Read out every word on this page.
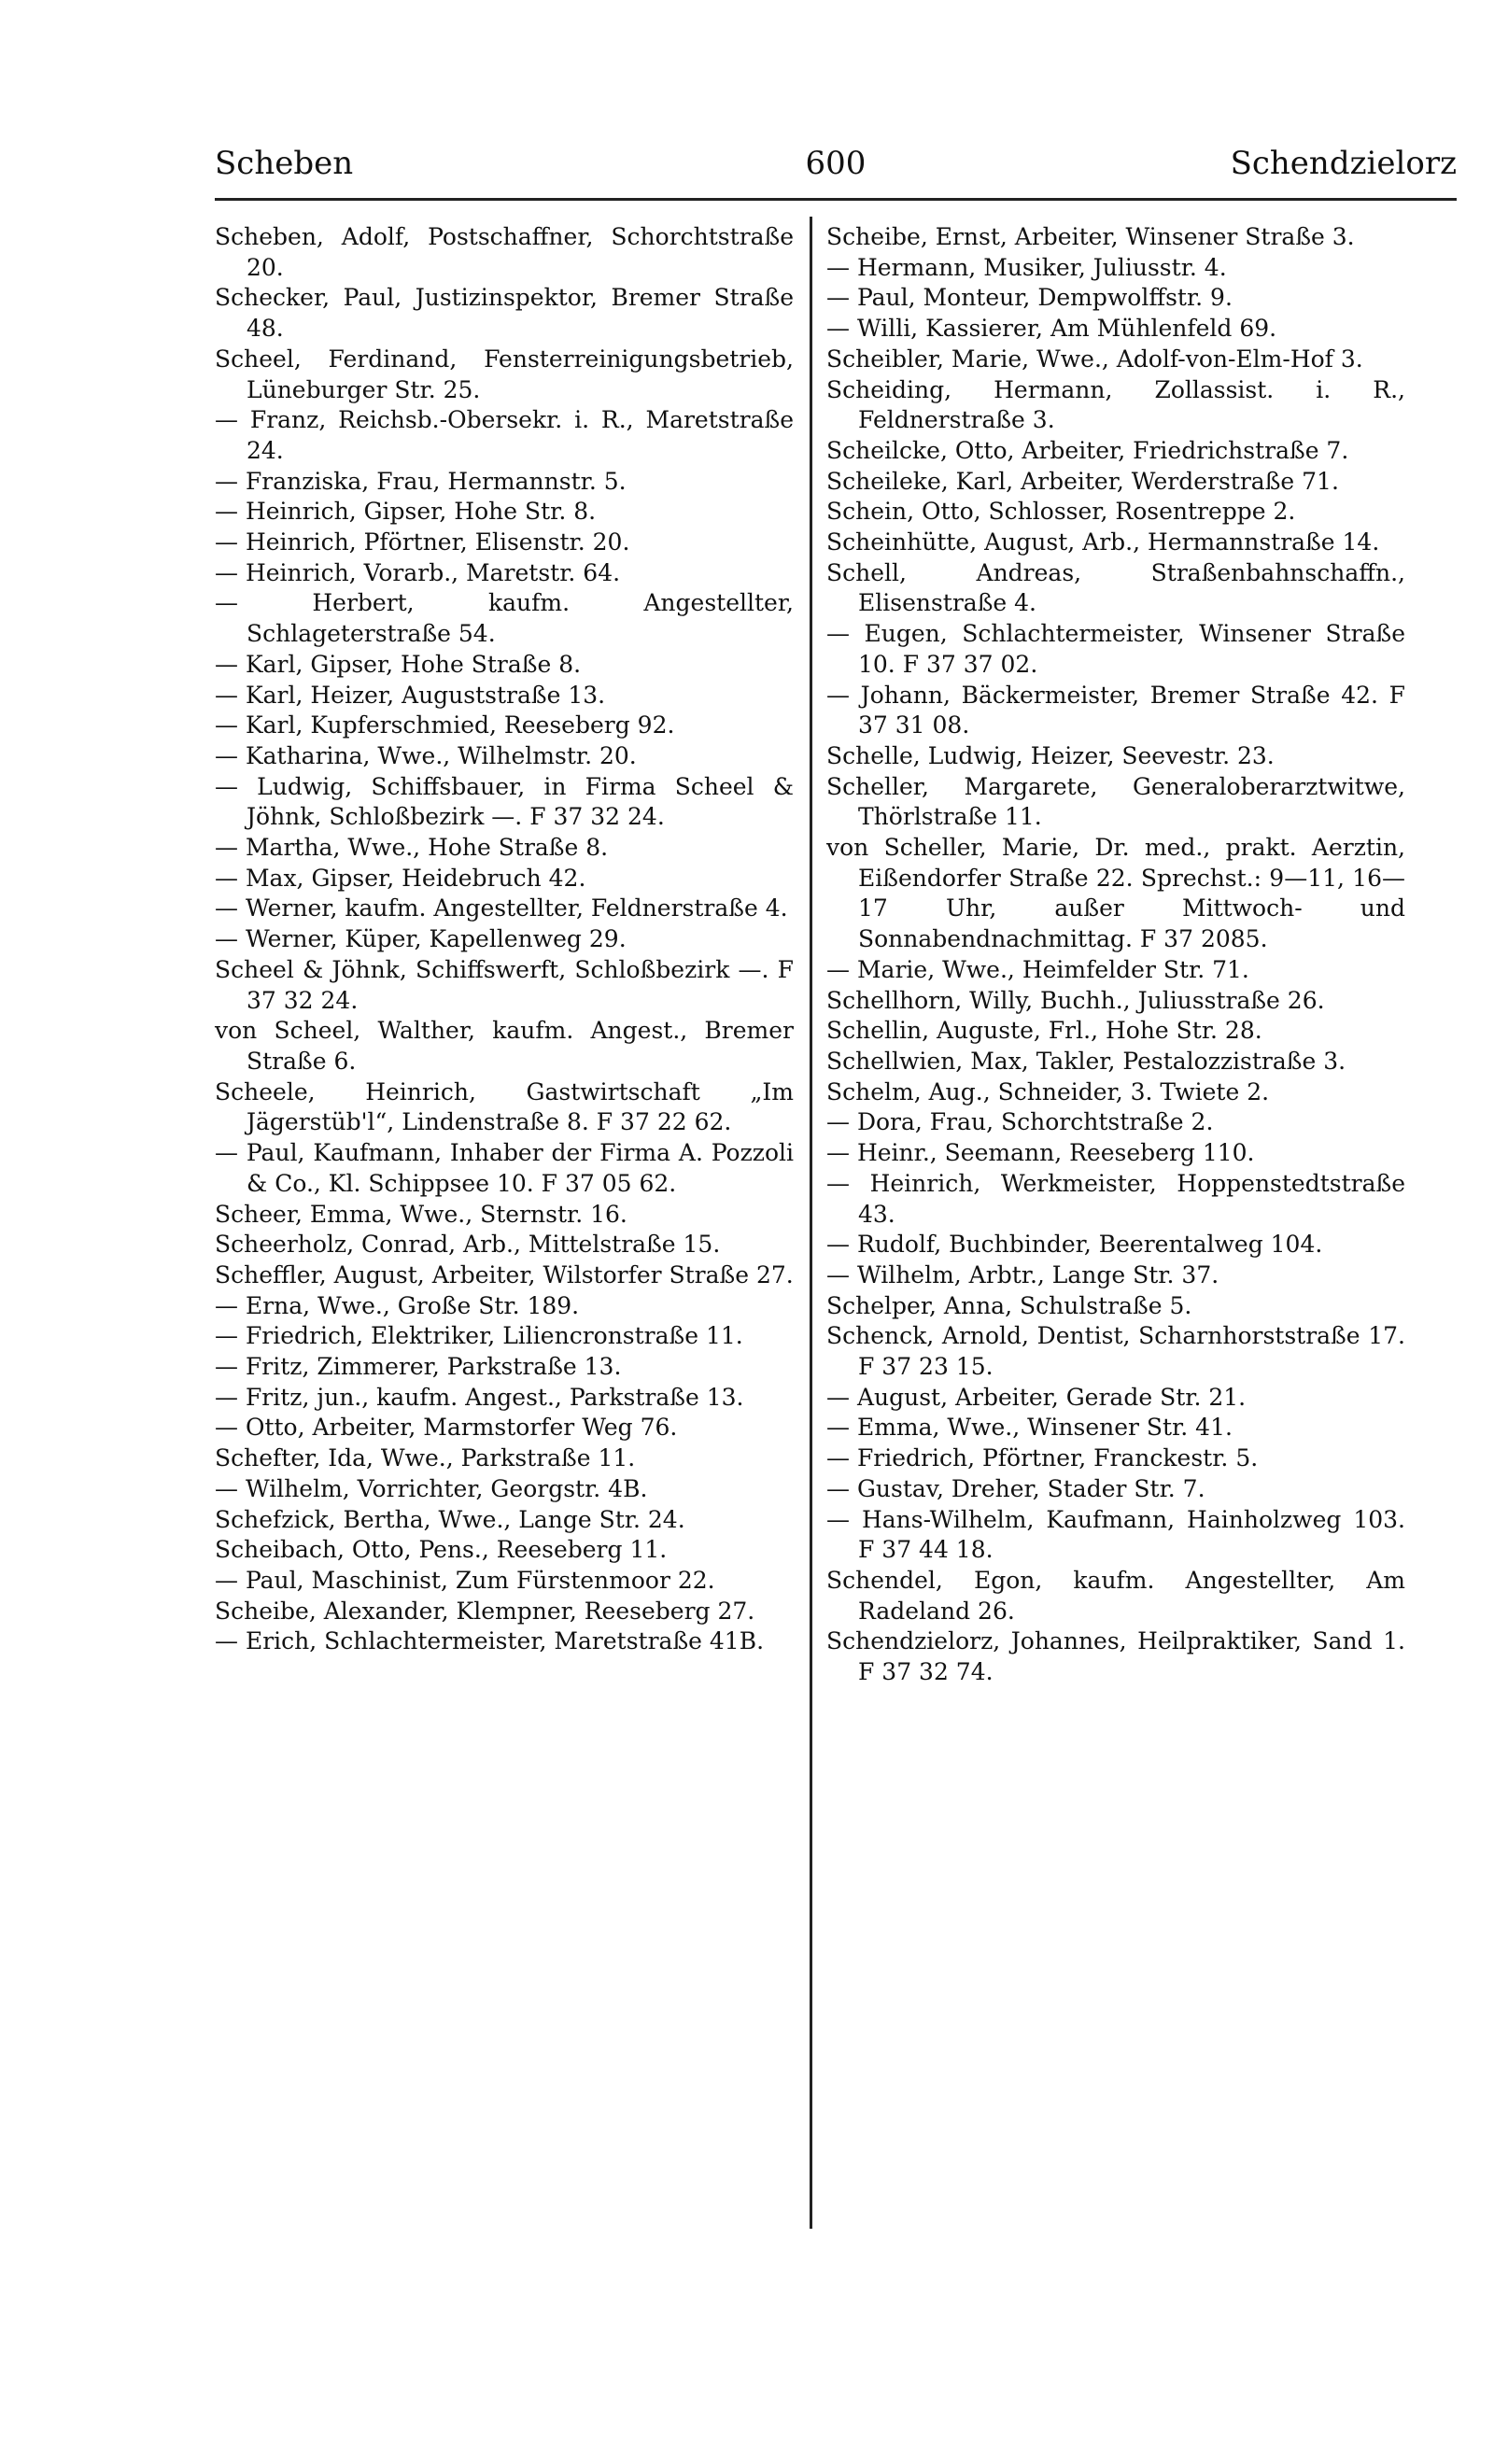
Scheben	600	Schendzielorz

Scheben, Adolf, Postschaffner, Schorchtstraße 20.

Schecker, Paul, Justizinspektor, Bremer Straße 48.

Scheel, Ferdinand, Fensterreinigungsbetrieb, Lüneburger Str. 25.

— Franz, Reichsb.-Obersekr. i. R., Maretstraße 24.

— Franziska, Frau, Hermannstr. 5.

— Heinrich, Gipser, Hohe Str. 8.

— Heinrich, Pförtner, Elisenstr. 20.

— Heinrich, Vorarb., Maretstr. 64.

— Herbert, kaufm. Angestellter, Schlageterstraße 54.

— Karl, Gipser, Hohe Straße 8.

— Karl, Heizer, Auguststraße 13.

— Karl, Kupferschmied, Reeseberg 92.

— Katharina, Wwe., Wilhelmstr. 20.

— Ludwig, Schiffsbauer, in Firma Scheel & Jöhnk, Schloßbezirk —. F 37 32 24.

— Martha, Wwe., Hohe Straße 8.

— Max, Gipser, Heidebruch 42.

— Werner, kaufm. Angestellter, Feldnerstraße 4.

— Werner, Küper, Kapellenweg 29.

Scheel & Jöhnk, Schiffswerft, Schloßbezirk —. F 37 32 24.

von Scheel, Walther, kaufm. Angest., Bremer Straße 6.

Scheele, Heinrich, Gastwirtschaft „Im Jägerstüb'l“, Lindenstraße 8. F 37 22 62.

— Paul, Kaufmann, Inhaber der Firma A. Pozzoli & Co., Kl. Schippsee 10. F 37 05 62.

Scheer, Emma, Wwe., Sternstr. 16.

Scheerholz, Conrad, Arb., Mittelstraße 15.

Scheffler, August, Arbeiter, Wilstorfer Straße 27.

— Erna, Wwe., Große Str. 189.

— Friedrich, Elektriker, Liliencronstraße 11.

— Fritz, Zimmerer, Parkstraße 13.

— Fritz, jun., kaufm. Angest., Parkstraße 13.

— Otto, Arbeiter, Marmstorfer Weg 76.

Schefter, Ida, Wwe., Parkstraße 11.

— Wilhelm, Vorrichter, Georgstr. 4B.

Schefzick, Bertha, Wwe., Lange Str. 24.

Scheibach, Otto, Pens., Reeseberg 11.

— Paul, Maschinist, Zum Fürstenmoor 22.

Scheibe, Alexander, Klempner, Reeseberg 27.

— Erich, Schlachtermeister, Maretstraße 41B.

Scheibe, Ernst, Arbeiter, Winsener Straße 3.

— Hermann, Musiker, Juliusstr. 4.

— Paul, Monteur, Dempwolffstr. 9.

— Willi, Kassierer, Am Mühlenfeld 69.

Scheibler, Marie, Wwe., Adolf-von-Elm-Hof 3.

Scheiding, Hermann, Zollassist. i. R., Feldnerstraße 3.

Scheilcke, Otto, Arbeiter, Friedrichstraße 7.

Scheileke, Karl, Arbeiter, Werderstraße 71.

Schein, Otto, Schlosser, Rosentreppe 2.

Scheinhütte, August, Arb., Hermannstraße 14.

Schell, Andreas, Straßenbahnschaffn., Elisenstraße 4.

— Eugen, Schlachtermeister, Winsener Straße 10. F 37 37 02.

— Johann, Bäckermeister, Bremer Straße 42. F 37 31 08.

Schelle, Ludwig, Heizer, Seevestr. 23.

Scheller, Margarete, Generaloberarztwitwe, Thörlstraße 11.

von Scheller, Marie, Dr. med., prakt. Aerztin, Eißendorfer Straße 22. Sprechst.: 9—11, 16—17 Uhr, außer Mittwoch- und Sonnabendnachmittag. F 37 2085.

— Marie, Wwe., Heimfelder Str. 71.

Schellhorn, Willy, Buchh., Juliusstraße 26.

Schellin, Auguste, Frl., Hohe Str. 28.

Schellwien, Max, Takler, Pestalozzistraße 3.

Schelm, Aug., Schneider, 3. Twiete 2.

— Dora, Frau, Schorchtstraße 2.

— Heinr., Seemann, Reeseberg 110.

— Heinrich, Werkmeister, Hoppenstedtstraße 43.

— Rudolf, Buchbinder, Beerentalweg 104.

— Wilhelm, Arbtr., Lange Str. 37.

Schelper, Anna, Schulstraße 5.

Schenck, Arnold, Dentist, Scharnhorststraße 17. F 37 23 15.

— August, Arbeiter, Gerade Str. 21.

— Emma, Wwe., Winsener Str. 41.

— Friedrich, Pförtner, Franckestr. 5.

— Gustav, Dreher, Stader Str. 7.

— Hans-Wilhelm, Kaufmann, Hainholzweg 103. F 37 44 18.

Schendel, Egon, kaufm. Angestellter, Am Radeland 26.

Schendzielorz, Johannes, Heilpraktiker, Sand 1. F 37 32 74.
